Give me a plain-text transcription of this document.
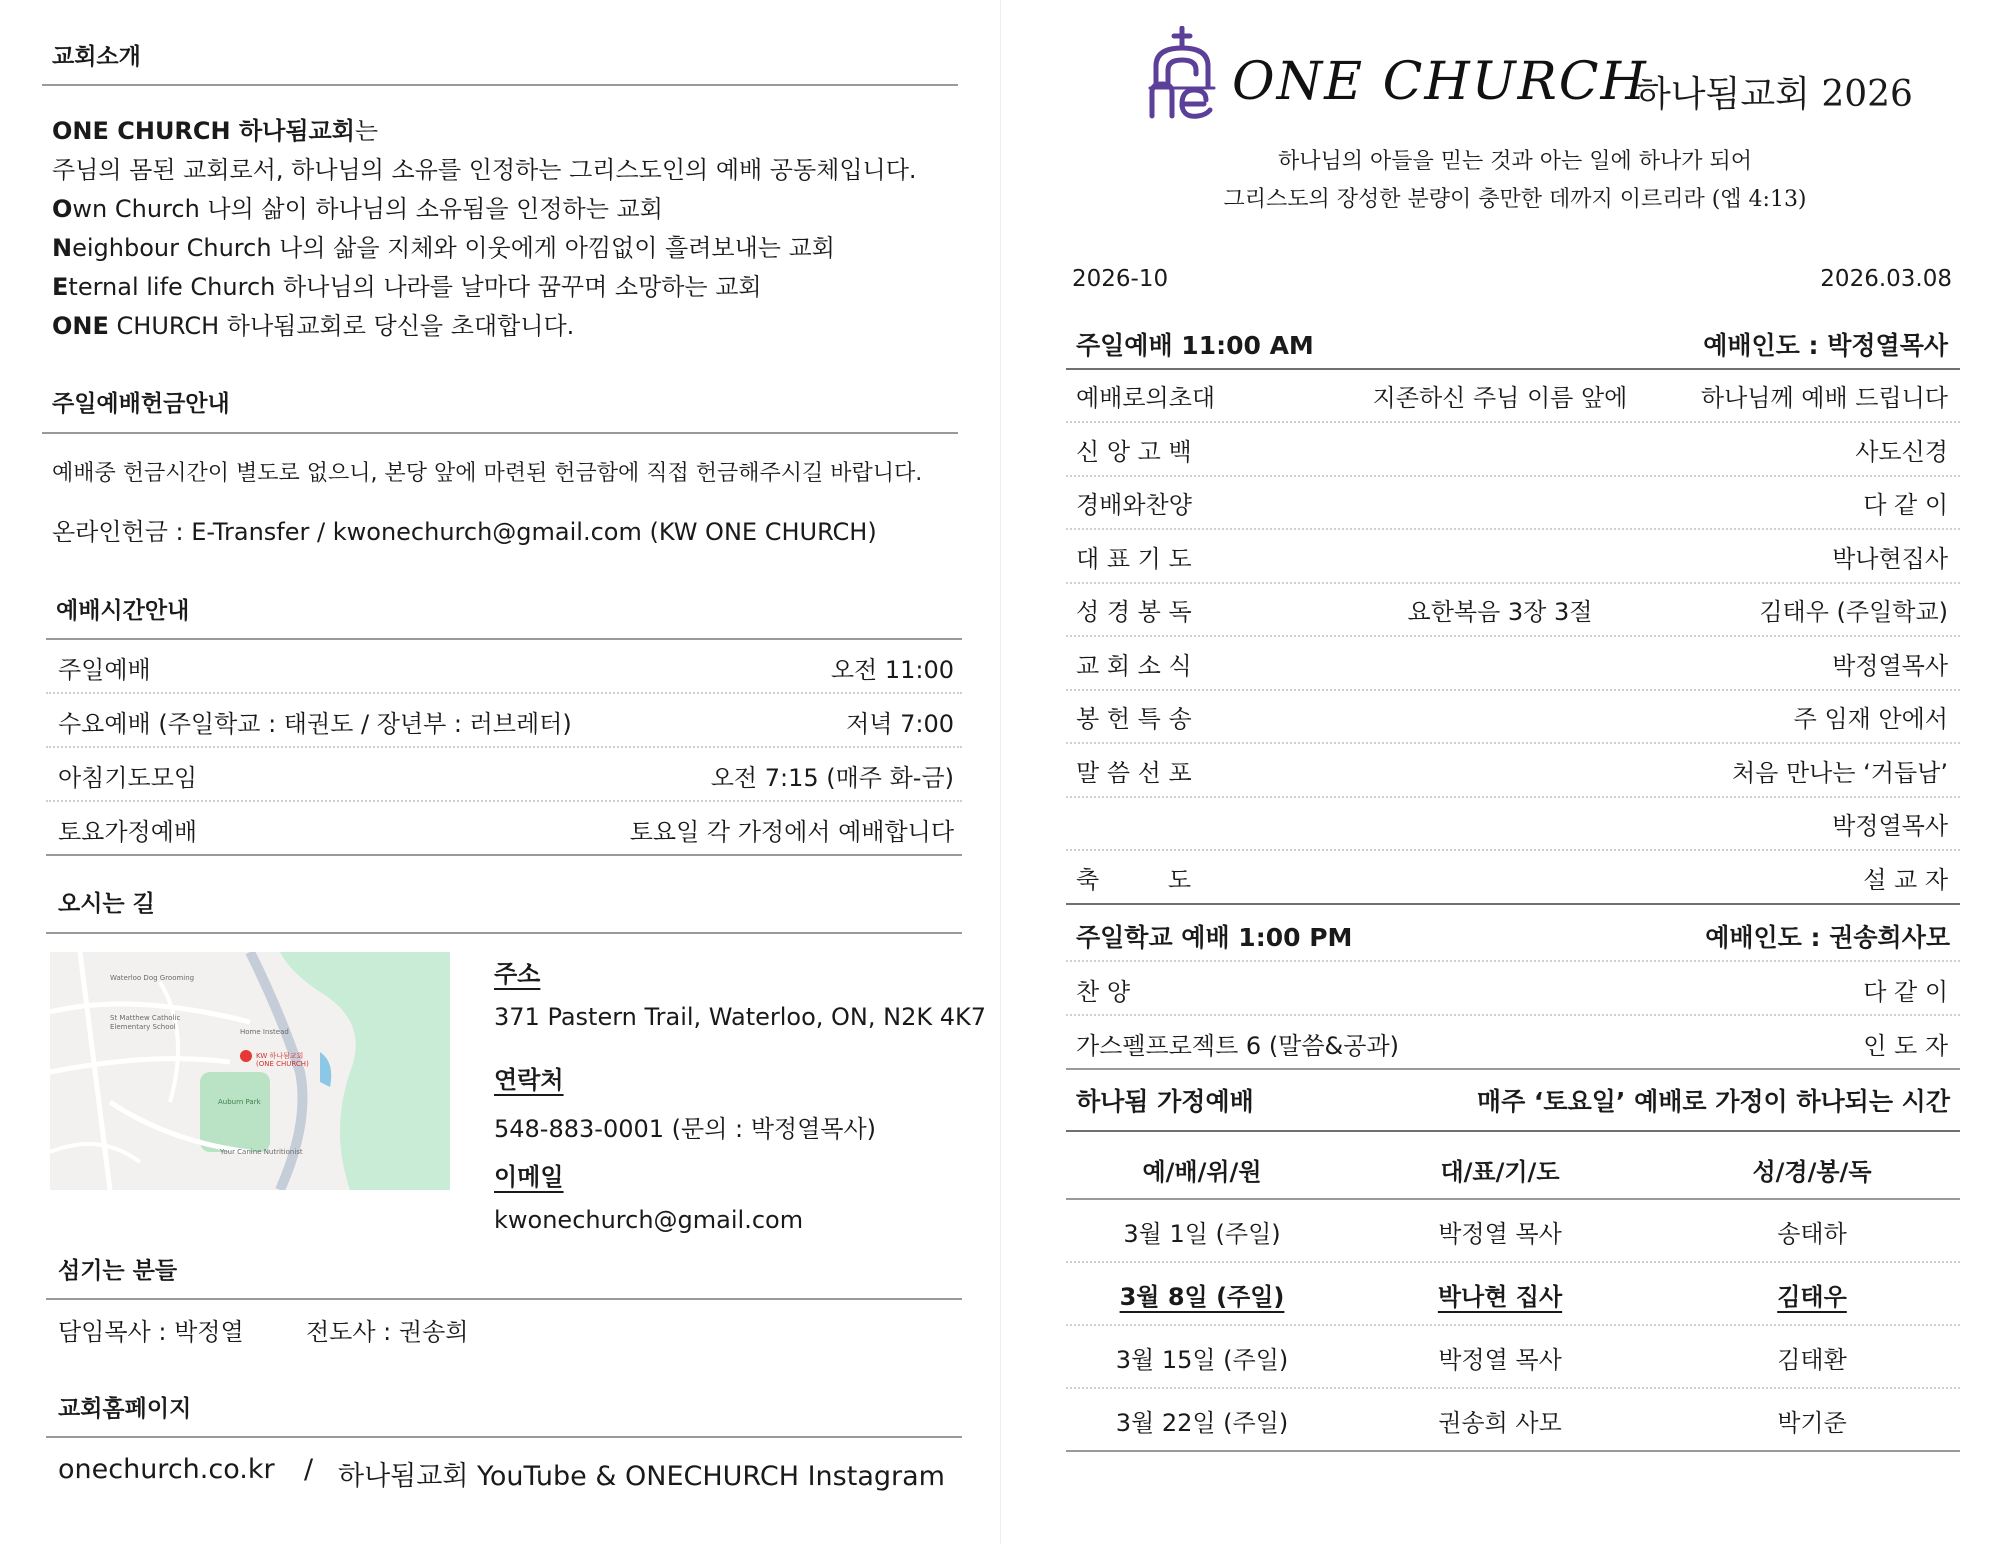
교회소개
ONE CHURCH 하나됨교회는
주님의 몸된 교회로서, 하나님의 소유를 인정하는 그리스도인의 예배 공동체입니다.
Own Church 나의 삶이 하나님의 소유됨을 인정하는 교회
Neighbour Church 나의 삶을 지체와 이웃에게 아낌없이 흘려보내는 교회
Eternal life Church 하나님의 나라를 날마다 꿈꾸며 소망하는 교회
ONE CHURCH 하나됨교회로 당신을 초대합니다.
주일예배헌금안내
예배중 헌금시간이 별도로 없으니, 본당 앞에 마련된 헌금함에 직접 헌금해주시길 바랍니다.
온라인헌금 : E-Transfer / kwonechurch@gmail.com (KW ONE CHURCH)
예배시간안내
주일예배	오전 11:00
수요예배 (주일학교 : 태권도 / 장년부 : 러브레터)	저녁 7:00
아침기도모임	오전 7:15 (매주 화-금)
토요가정예배	토요일 각 가정에서 예배합니다
오시는 길
Waterloo Dog Grooming
St Matthew Catholic Elementary School
Home Instead
KW 하나됨교회 (ONE CHURCH)
Auburn Park
Your Canine Nutritionist
주소
371 Pastern Trail, Waterloo, ON, N2K 4K7
연락처
548-883-0001 (문의 : 박정열목사)
이메일
kwonechurch@gmail.com
섬기는 분들
담임목사 : 박정열	전도사 : 권송희
교회홈페이지
onechurch.co.kr / 하나됨교회 YouTube & ONECHURCH Instagram
ONE CHURCH
하나됨교회 2026
하나님의 아들을 믿는 것과 아는 일에 하나가 되어
그리스도의 장성한 분량이 충만한 데까지 이르리라 (엡 4:13)
2026-10	2026.03.08
주일예배 11:00 AM	예배인도 : 박정열목사
예배로의초대	지존하신 주님 이름 앞에	하나님께 예배 드립니다
신 앙 고 백	사도신경
경배와찬양	다 같 이
대 표 기 도	박나현집사
성 경 봉 독	요한복음 3장 3절	김태우 (주일학교)
교 회 소 식	박정열목사
봉 헌 특 송	주 임재 안에서
말 씀 선 포	처음 만나는 ‘거듭남’
박정열목사
축         도	설 교 자
주일학교 예배 1:00 PM	예배인도 : 권송희사모
찬 양	다 같 이
가스펠프로젝트 6 (말씀&공과)	인 도 자
하나됨 가정예배	매주 ‘토요일’ 예배로 가정이 하나되는 시간
예/배/위/원	대/표/기/도	성/경/봉/독
3월 1일 (주일)	박정열 목사	송태하
3월 8일 (주일)	박나현 집사	김태우
3월 15일 (주일)	박정열 목사	김태환
3월 22일 (주일)	권송희 사모	박기준
